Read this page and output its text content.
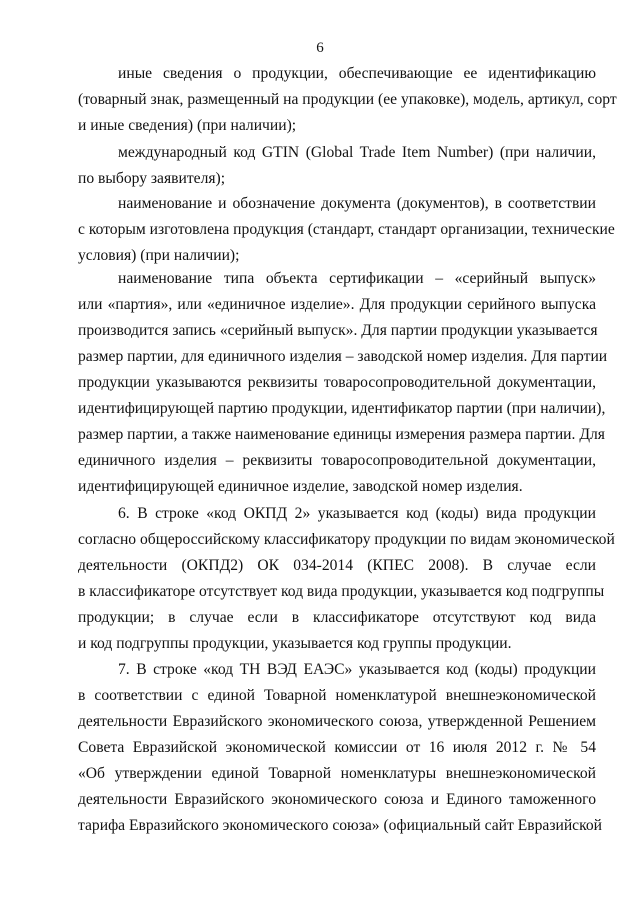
6
иные сведения о продукции, обеспечивающие ее идентификацию
(товарный знак, размещенный на продукции (ее упаковке), модель, артикул, сорт
и иные сведения) (при наличии);
международный код GTIN (Global Trade Item Number) (при наличии,
по выбору заявителя);
наименование и обозначение документа (документов), в соответствии
с которым изготовлена продукция (стандарт, стандарт организации, технические
условия) (при наличии);
наименование типа объекта сертификации – «серийный выпуск»
или «партия», или «единичное изделие». Для продукции серийного выпуска
производится запись «серийный выпуск». Для партии продукции указывается
размер партии, для единичного изделия – заводской номер изделия. Для партии
продукции указываются реквизиты товаросопроводительной документации,
идентифицирующей партию продукции, идентификатор партии (при наличии),
размер партии, а также наименование единицы измерения размера партии. Для
единичного изделия – реквизиты товаросопроводительной документации,
идентифицирующей единичное изделие, заводской номер изделия.
6. В строке «код ОКПД 2» указывается код (коды) вида продукции
согласно общероссийскому классификатору продукции по видам экономической
деятельности (ОКПД2) ОК 034-2014 (КПЕС 2008). В случае если
в классификаторе отсутствует код вида продукции, указывается код подгруппы
продукции; в случае если в классификаторе отсутствуют код вида
и код подгруппы продукции, указывается код группы продукции.
7. В строке «код ТН ВЭД ЕАЭС» указывается код (коды) продукции
в соответствии с единой Товарной номенклатурой внешнеэкономической
деятельности Евразийского экономического союза, утвержденной Решением
Совета Евразийской экономической комиссии от 16 июля 2012 г. № 54
«Об утверждении единой Товарной номенклатуры внешнеэкономической
деятельности Евразийского экономического союза и Единого таможенного
тарифа Евразийского экономического союза» (официальный сайт Евразийской
